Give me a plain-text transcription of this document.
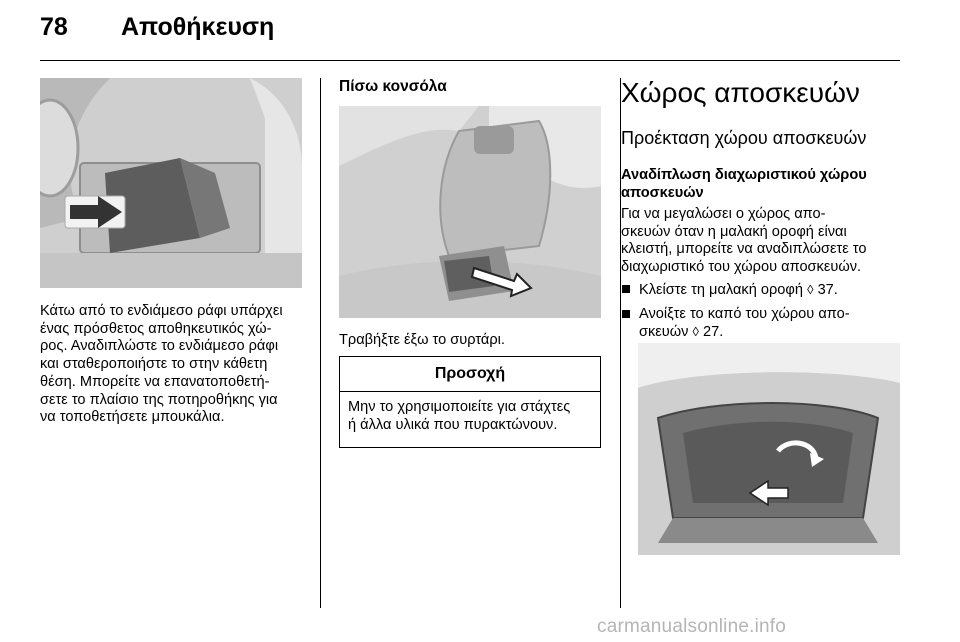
78 Αποθήκευση

Κάτω από το ενδιάμεσο ράφι υπάρχει

ένας πρόσθετος αποθηκευτικός χώ-

ρος. Αναδιπλώστε το ενδιάμεσο ράφι

και σταθεροποιήστε το στην κάθετη

θέση. Μπορείτε να επανατοποθετή-

σετε το πλαίσιο της ποτηροθήκης για

να τοποθετήσετε μπουκάλια.

Πίσω κονσόλα
Τραβήξτε έξω το συρτάρι.
Προσοχή
Μην το χρησιμοποιείτε για στάχτες
ή άλλα υλικά που πυρακτώνουν.
Χώρος αποσκευών
Προέκταση χώρου αποσκευών
Αναδίπλωση διαχωριστικού χώρου αποσκευών

Για να μεγαλώσει ο χώρος απο-

σκευών όταν η μαλακή οροφή είναι

κλειστή, μπορείτε να αναδιπλώσετε το

διαχωριστικό του χώρου αποσκευών.

Κλείστε τη μαλακή οροφή ◊ 37.
Ανοίξτε το καπό του χώρου απο-
σκευών ◊ 27.
carmanualsonline.info
